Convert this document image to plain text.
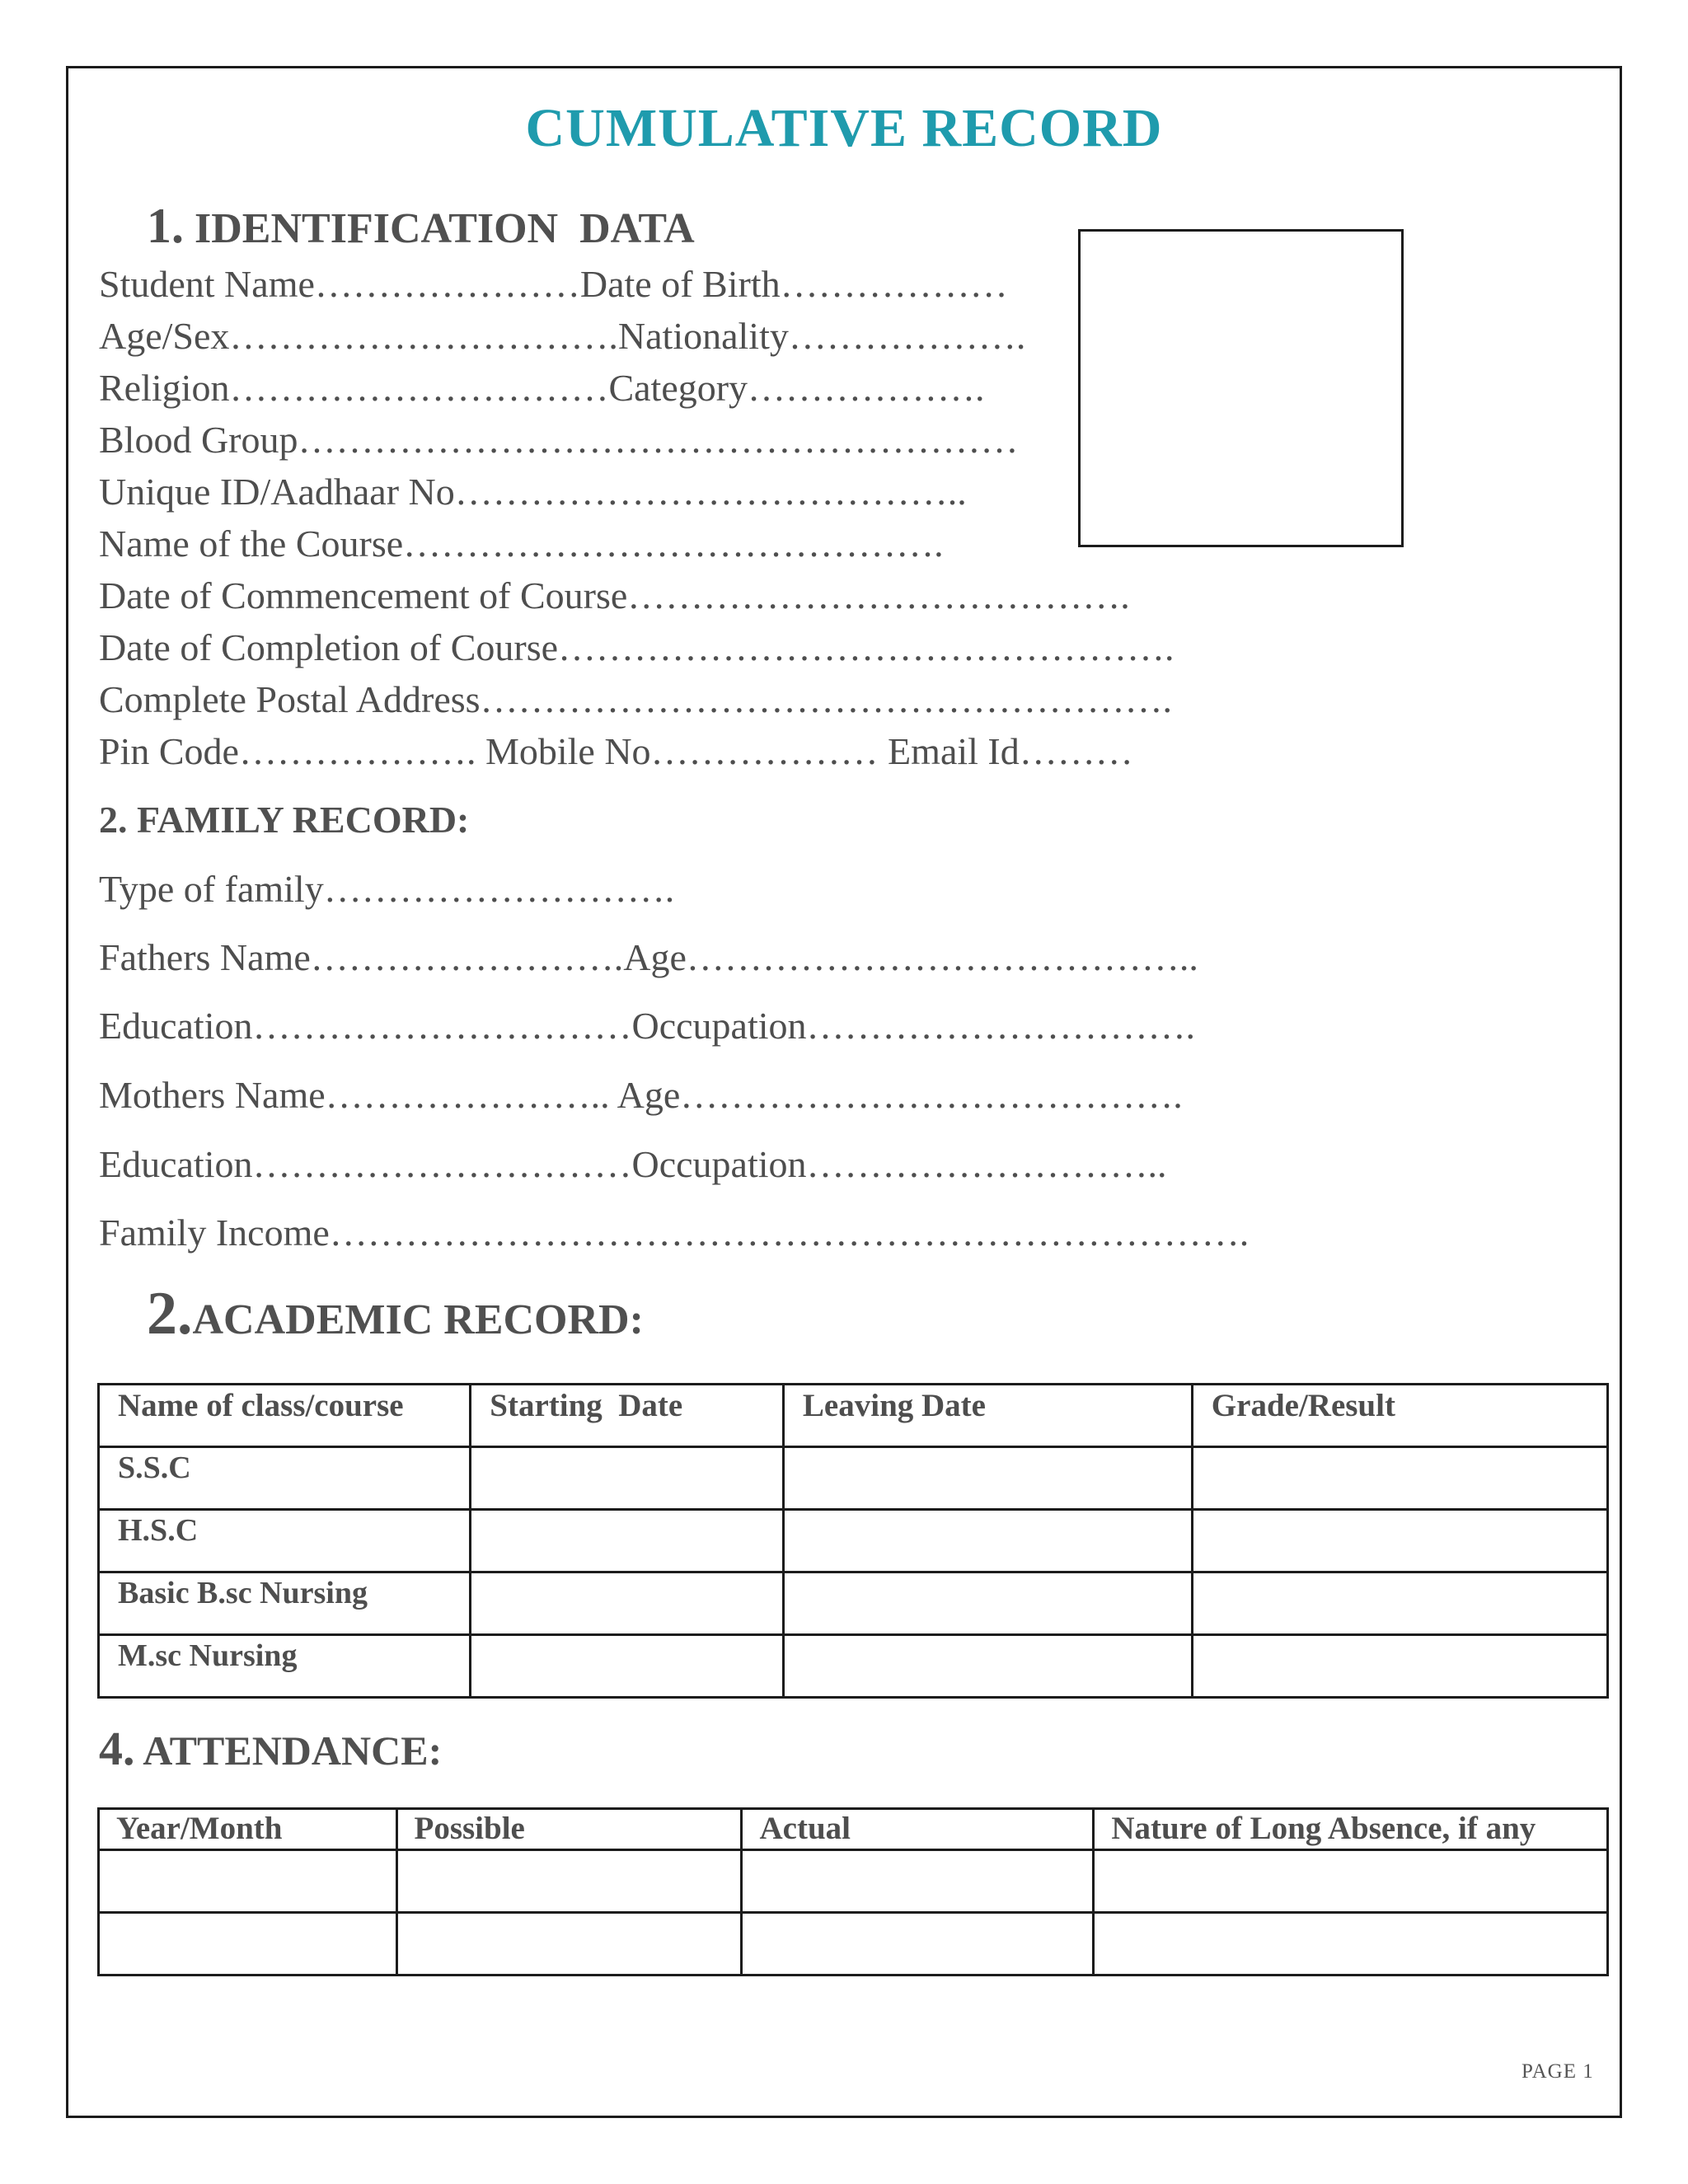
CUMULATIVE RECORD
1. IDENTIFICATION  DATA
Student Name…………………Date of Birth………………
Age/Sex………………………….Nationality……………….
Religion…………………………Category……………….
Blood Group…………………………………………………
Unique ID/Aadhaar No…………………………………..
Name of the Course…………………………………….
Date of Commencement of Course………………………………….
Date of Completion of Course………………………………………….
Complete Postal Address……………………………………………….
Pin Code………………. Mobile No……………… Email Id………
2. FAMILY RECORD:
Type of family……………………….
Fathers Name…………………….Age…………………………………..
Education…………………………Occupation………………………….
Mothers Name………………….. Age………………………………….
Education…………………………Occupation………………………..
Family Income……………………………………………………………….
2.ACADEMIC RECORD:
Name of class/course	Starting  Date	Leaving Date	Grade/Result
S.S.C			
H.S.C			
Basic B.sc Nursing			
M.sc Nursing			
4. ATTENDANCE:
Year/Month	Possible	Actual	Nature of Long Absence, if any

PAGE 1
